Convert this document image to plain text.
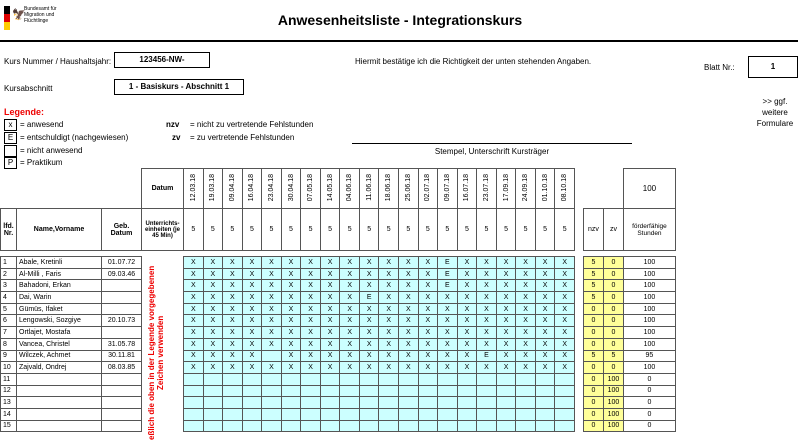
🦅
Bundesamt für Migration und Flüchtlinge	Anwesenheitsliste - Integrationskurs
Kurs Nummer / Haushaltsjahr:	123456-NW-
Kursabschnitt	1 - Basiskurs - Abschnitt 1
Hiermit bestätige ich die Richtigkeit der unten stehenden Angaben.
Blatt Nr.:	1
>> ggf. weitere Formulare
Legende:
x = anwesend
E = entschuldigt (nachgewiesen)
= nicht anwesend
P = Praktikum
nzv = nicht zu vertretende Fehlstunden
zv = zu vertretende Fehlstunden
Stempel, Unterschrift Kursträger
			Datum	12.03.18	19.03.18	09.04.18	16.04.18	23.04.18	30.04.18	07.05.18	14.05.18	04.06.18	11.06.18	18.06.18	25.06.18	02.07.18	09.07.18	16.07.18	23.07.18	17.09.18	24.09.18	01.10.18	08.10.18				100
lfd. Nr.	Name,Vorname	Geb. Datum	Unterrichts-einheiten (je 45 Min)	5	5	5	5	5	5	5	5	5	5	5	5	5	5	5	5	5	5	5	5		nzv	zv	förderfähige Stunden

1	Abale, Kretinli	01.07.72		X	X	X	X	X	X	X	X	X	X	X	X	X	E	X	X	X	X	X	X		5	0	100
2	Al-Milli , Faris	09.03.46		X	X	X	X	X	X	X	X	X	X	X	X	X	E	X	X	X	X	X	X		5	0	100
3	Bahadoni, Erkan			X	X	X	X	X	X	X	X	X	X	X	X	X	E	X	X	X	X	X	X		5	0	100
4	Dai, Warin			X	X	X	X	X	X	X	X	X	E	X	X	X	X	X	X	X	X	X	X		5	0	100
5	Gümüs, Ifaket			X	X	X	X	X	X	X	X	X	X	X	X	X	X	X	X	X	X	X	X		0	0	100
6	Lengowski, Sozgiye	20.10.73		X	X	X	X	X	X	X	X	X	X	X	X	X	X	X	X	X	X	X	X		0	0	100
7	Ortlajet, Mostafa			X	X	X	X	X	X	X	X	X	X	X	X	X	X	X	X	X	X	X	X		0	0	100
8	Vancea, Christel	31.05.78		X	X	X	X	X	X	X	X	X	X	X	X	X	X	X	X	X	X	X	X		0	0	100
9	Wilczek, Achmet	30.11.81		X	X	X	X		X	X	X	X	X	X	X	X	X	X	E	X	X	X	X		5	5	95
10	Zajvald, Ondrej	08.03.85		X	X	X	X	X	X	X	X	X	X	X	X	X	X	X	X	X	X	X	X		0	0	100
11																									0	100	0
12																									0	100	0
13																									0	100	0
14																									0	100	0
15																									0	100	0
eßlich die oben in der Legende vorgegebenen Zeichen verwenden
